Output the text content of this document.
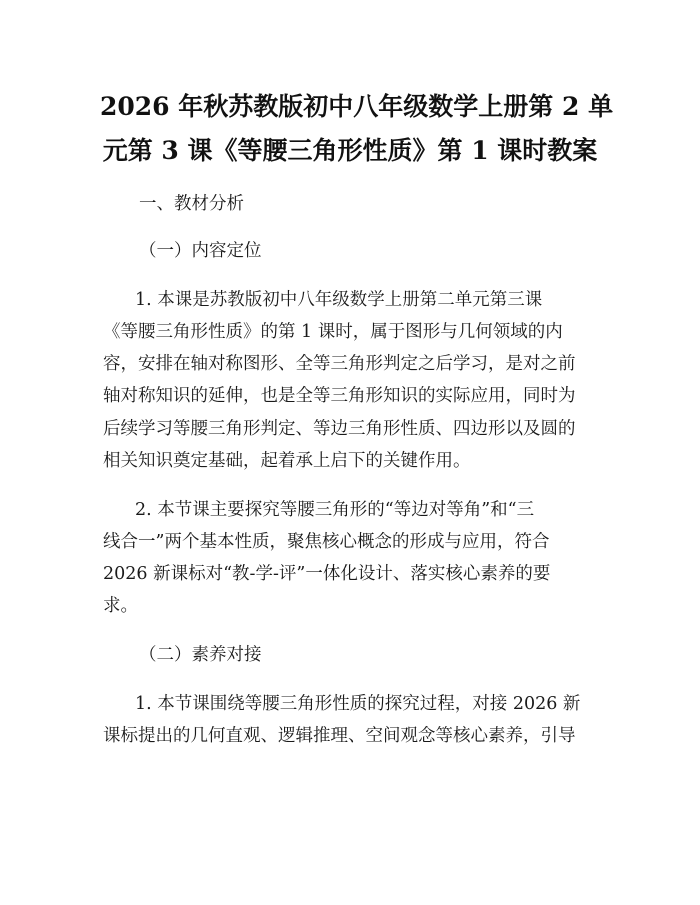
2026 年秋苏教版初中八年级数学上册第 2 单
元第 3 课《等腰三角形性质》第 1 课时教案
一、教材分析
（一）内容定位
1. 本课是苏教版初中八年级数学上册第二单元第三课
《等腰三角形性质》的第 1 课时，属于图形与几何领域的内
容，安排在轴对称图形、全等三角形判定之后学习，是对之前
轴对称知识的延伸，也是全等三角形知识的实际应用，同时为
后续学习等腰三角形判定、等边三角形性质、四边形以及圆的
相关知识奠定基础，起着承上启下的关键作用。
2. 本节课主要探究等腰三角形的“等边对等角”和“三
线合一”两个基本性质，聚焦核心概念的形成与应用，符合
2026 新课标对“教-学-评”一体化设计、落实核心素养的要
求。
（二）素养对接
1. 本节课围绕等腰三角形性质的探究过程，对接 2026 新
课标提出的几何直观、逻辑推理、空间观念等核心素养，引导
